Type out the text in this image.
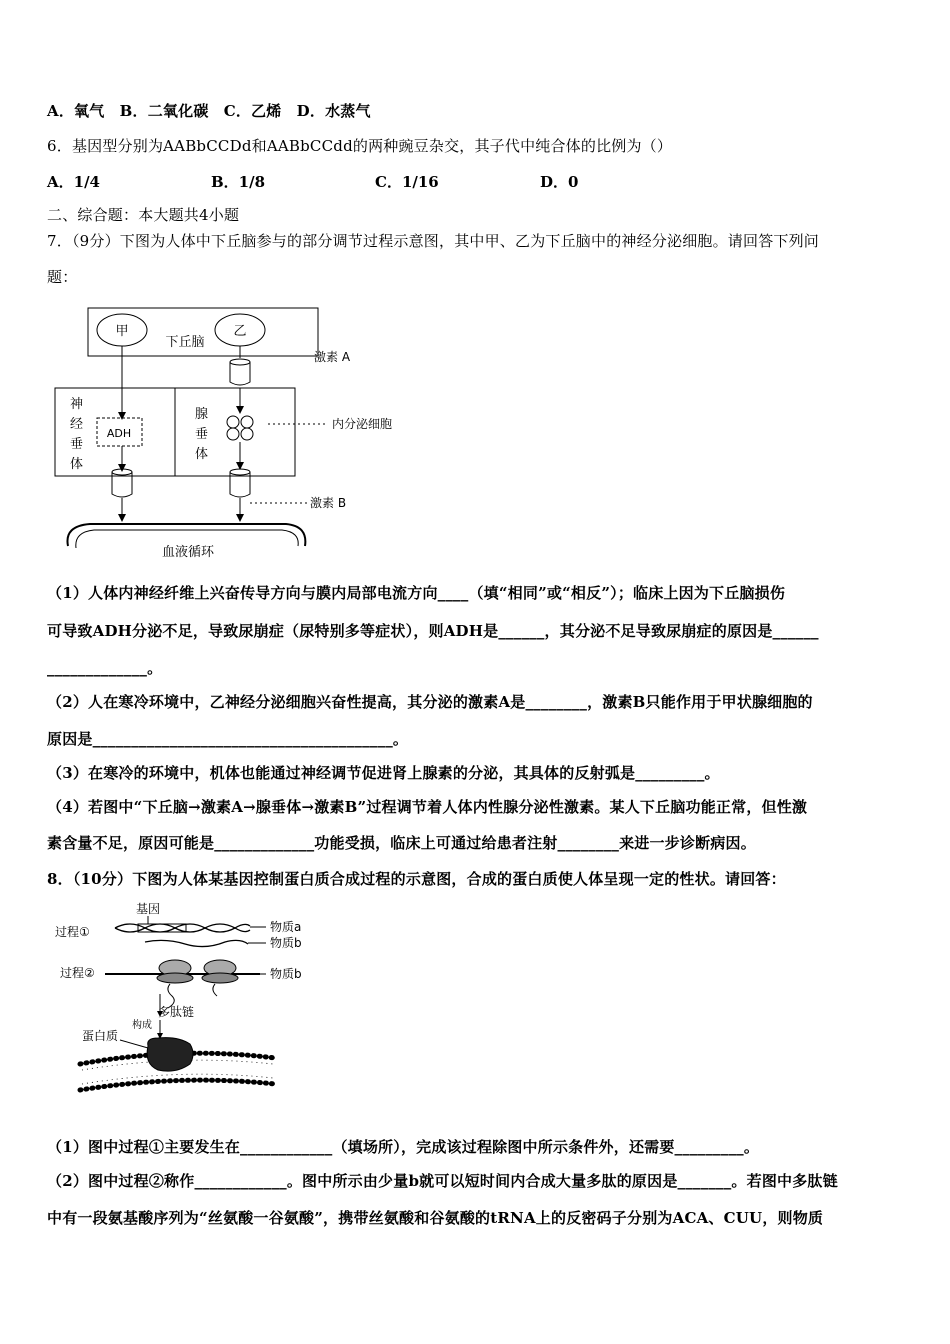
A．氧气　B．二氧化碳　C．乙烯　D．水蒸气
6．基因型分别为AABbCCDd和AABbCCdd的两种豌豆杂交，其子代中纯合体的比例为（）
A．1/4	B．1/8	C．1/16	D．0
二、综合题：本大题共4小题
7．（9分）下图为人体中下丘脑参与的部分调节过程示意图，其中甲、乙为下丘脑中的神经分泌细胞。请回答下列问
题：
甲
下丘脑
乙
激素 A
神
经
垂
体
ADH
腺
垂
体
内分泌细胞
激素 B
血液循环
（1）人体内神经纤维上兴奋传导方向与膜内局部电流方向____（填“相同”或“相反”）；临床上因为下丘脑损伤
可导致ADH分泌不足，导致尿崩症（尿特别多等症状），则ADH是______，其分泌不足导致尿崩症的原因是______
_____________。
（2）人在寒冷环境中，乙神经分泌细胞兴奋性提高，其分泌的激素A是________，激素B只能作用于甲状腺细胞的
原因是_______________________________________。
（3）在寒冷的环境中，机体也能通过神经调节促进肾上腺素的分泌，其具体的反射弧是_________。
（4）若图中“下丘脑→激素A→腺垂体→激素B”过程调节着人体内性腺分泌性激素。某人下丘脑功能正常，但性激
素含量不足，原因可能是_____________功能受损，临床上可通过给患者注射________来进一步诊断病因。
8．（10分）下图为人体某基因控制蛋白质合成过程的示意图，合成的蛋白质使人体呈现一定的性状。请回答：
基因
过程①	物质a
物质b
过程②	物质b
多肽链
构成
蛋白质
（1）图中过程①主要发生在____________（填场所），完成该过程除图中所示条件外，还需要_________。
（2）图中过程②称作____________。图中所示由少量b就可以短时间内合成大量多肽的原因是_______。若图中多肽链
中有一段氨基酸序列为“丝氨酸一谷氨酸”，携带丝氨酸和谷氨酸的tRNA上的反密码子分别为ACA、CUU，则物质
